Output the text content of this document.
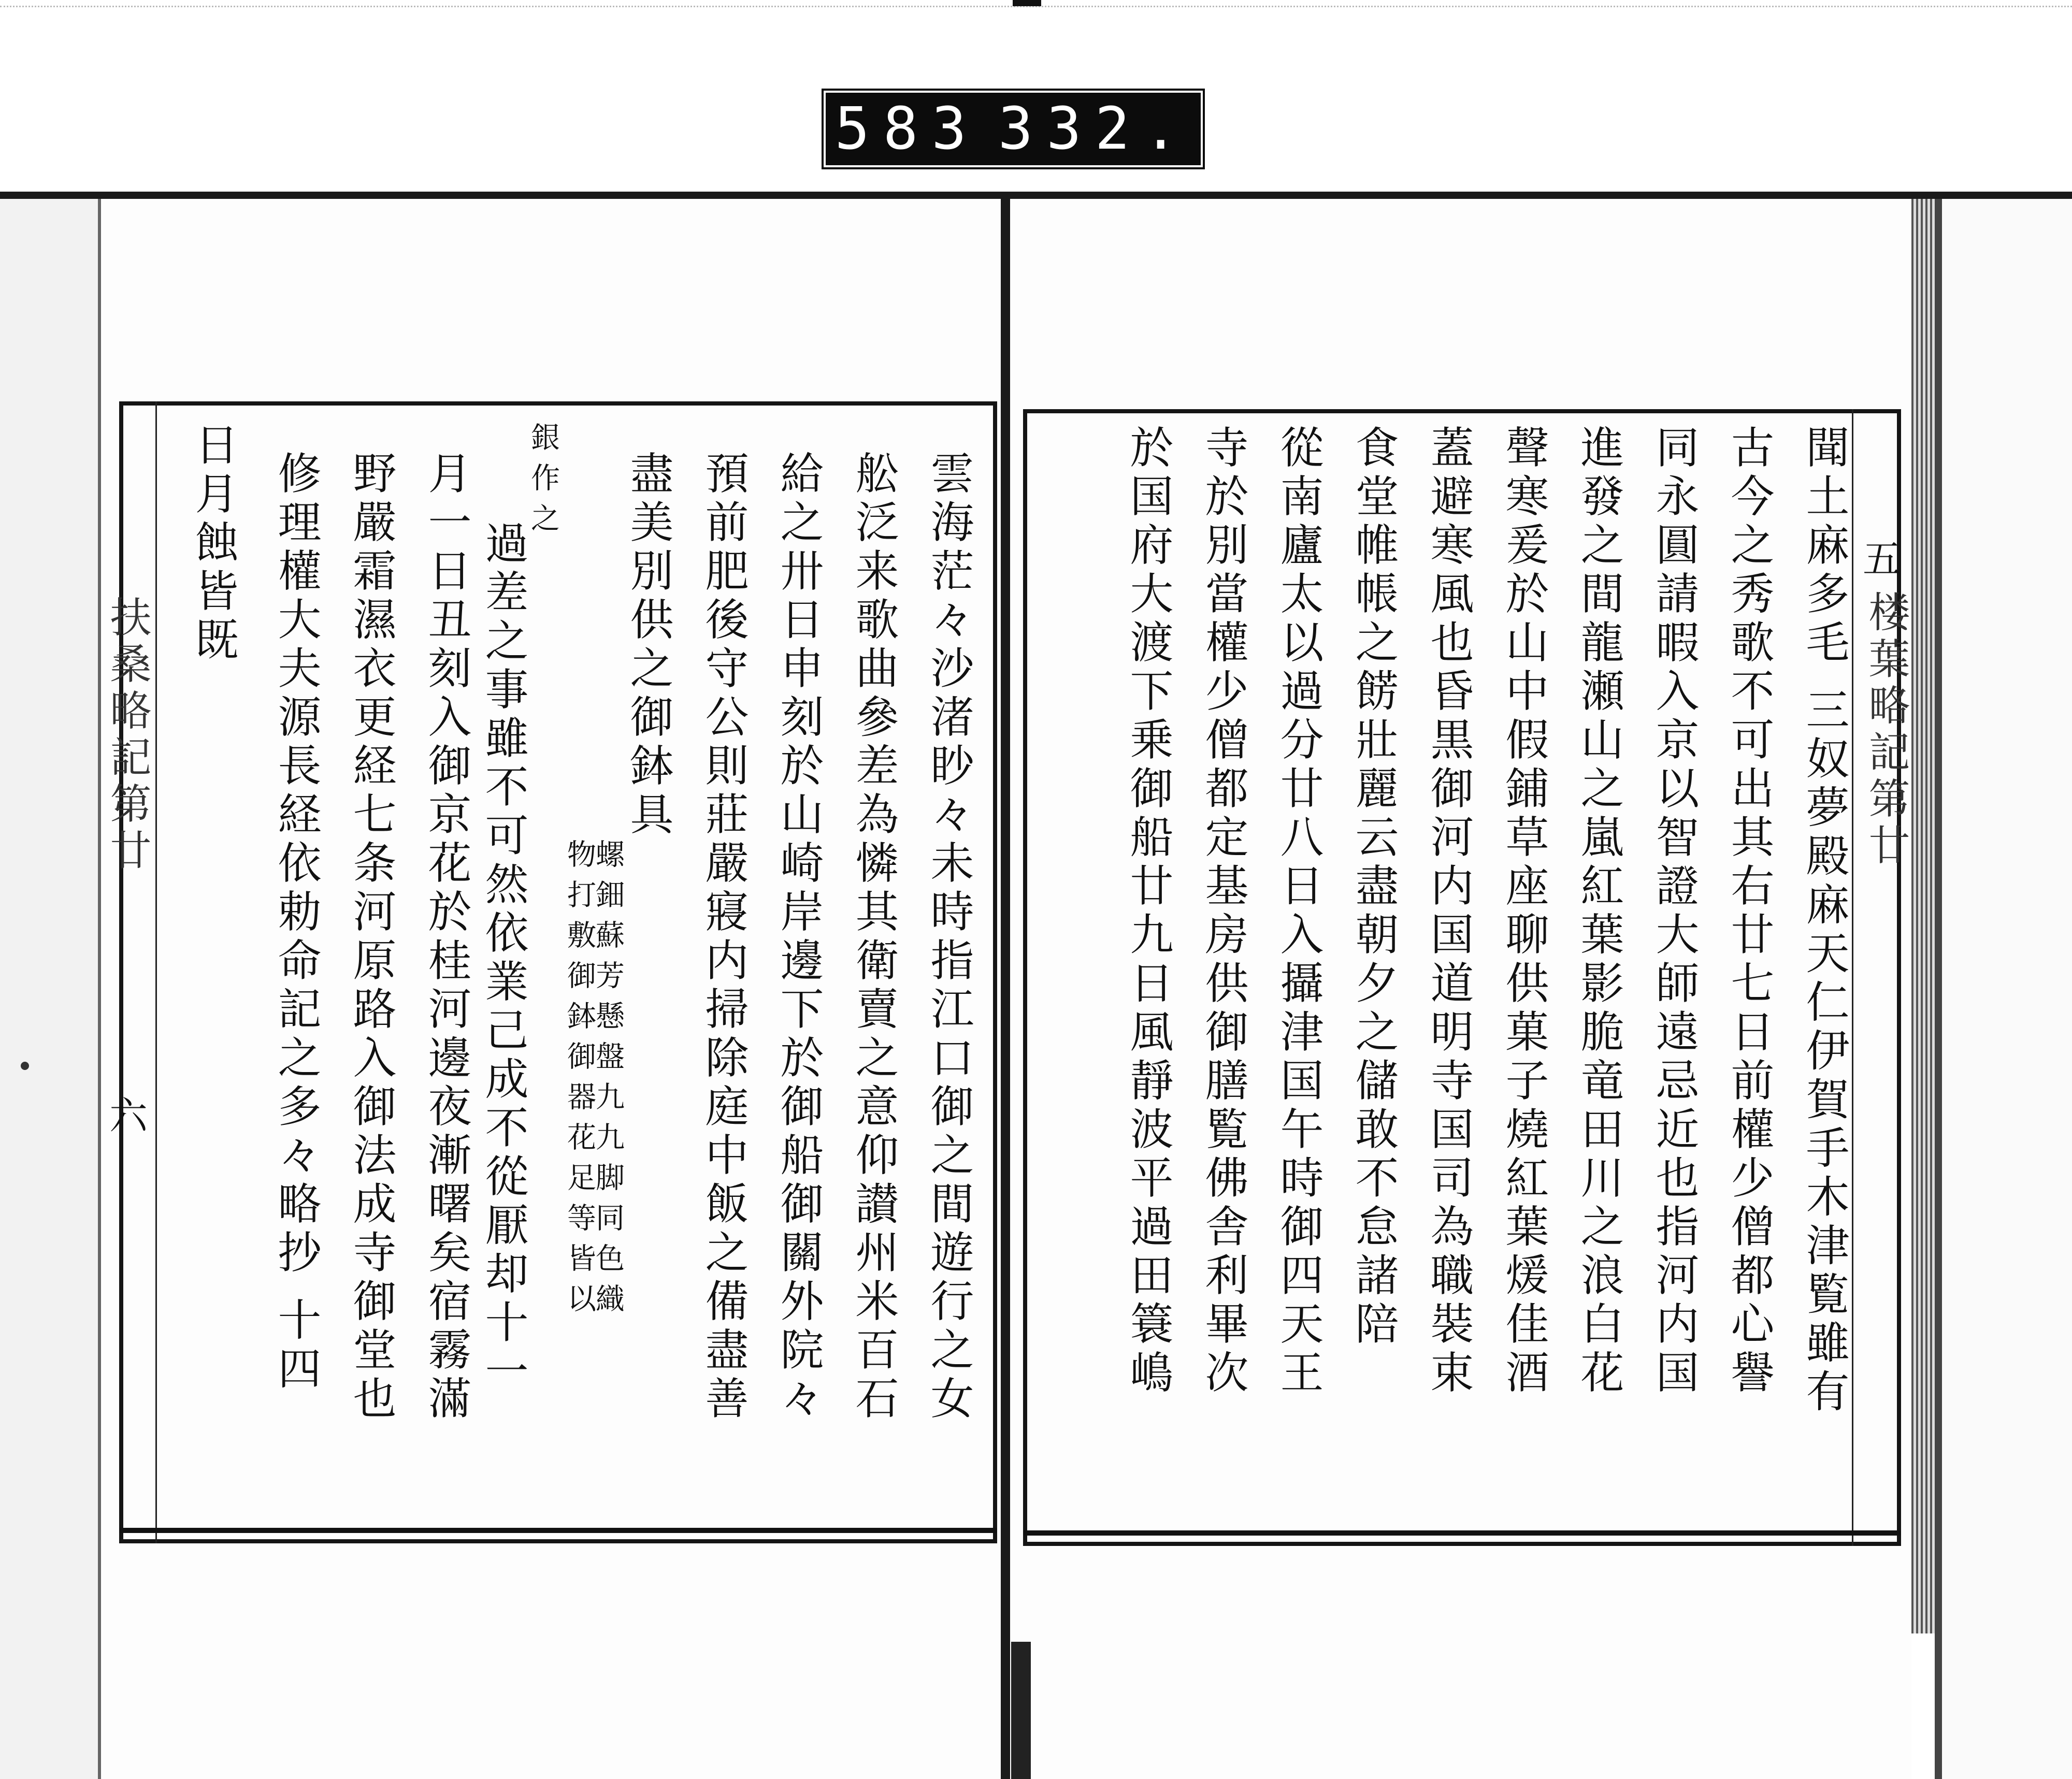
583 332.
楼葉略記第廿
五
聞土麻多毛 三奴夢殿麻天仁伊賀手木津覧雖有
古今之秀歌不可出其右廿七日前權少僧都心譽
同永圓請暇入京以智證大師遠忌近也指河内国
進發之間龍瀬山之嵐紅葉影脆竜田川之浪白花
聲寒爰於山中假鋪草座聊供菓子燒紅葉煖佳酒
蓋避寒風也昏黒御河内国道明寺国司為職裝束
食堂帷帳之餝壯麗云盡朝夕之儲敢不怠諸陪
從南廬太以過分廿八日入攝津国午時御四天王
寺於別當權少僧都定基房供御膳覧佛舎利畢次
於国府大渡下乗御船廿九日風靜波平過田簑嶋
雲海茫々沙渚眇々未時指江口御之間遊行之女
舩泛来歌曲參差為憐其衛賣之意仰讃州米百石
給之卅日申刻於山崎岸邊下於御船御關外院々
預前肥後守公則莊嚴寢内掃除庭中飯之備盡善
盡美別供之御鉢具
螺鈿蘇芳懸盤九九脚同色織
物打敷御鉢御器花足等皆以
銀作之
過差之事雖不可然依業己成不從厭却十一
月一日丑刻入御京花於桂河邊夜漸曙矣宿霧滿
野嚴霜濕衣更経七条河原路入御法成寺御堂也
修理權大夫源長経依勅命記之多々略抄 十四
日月蝕皆既
扶桑略記第廿
六
